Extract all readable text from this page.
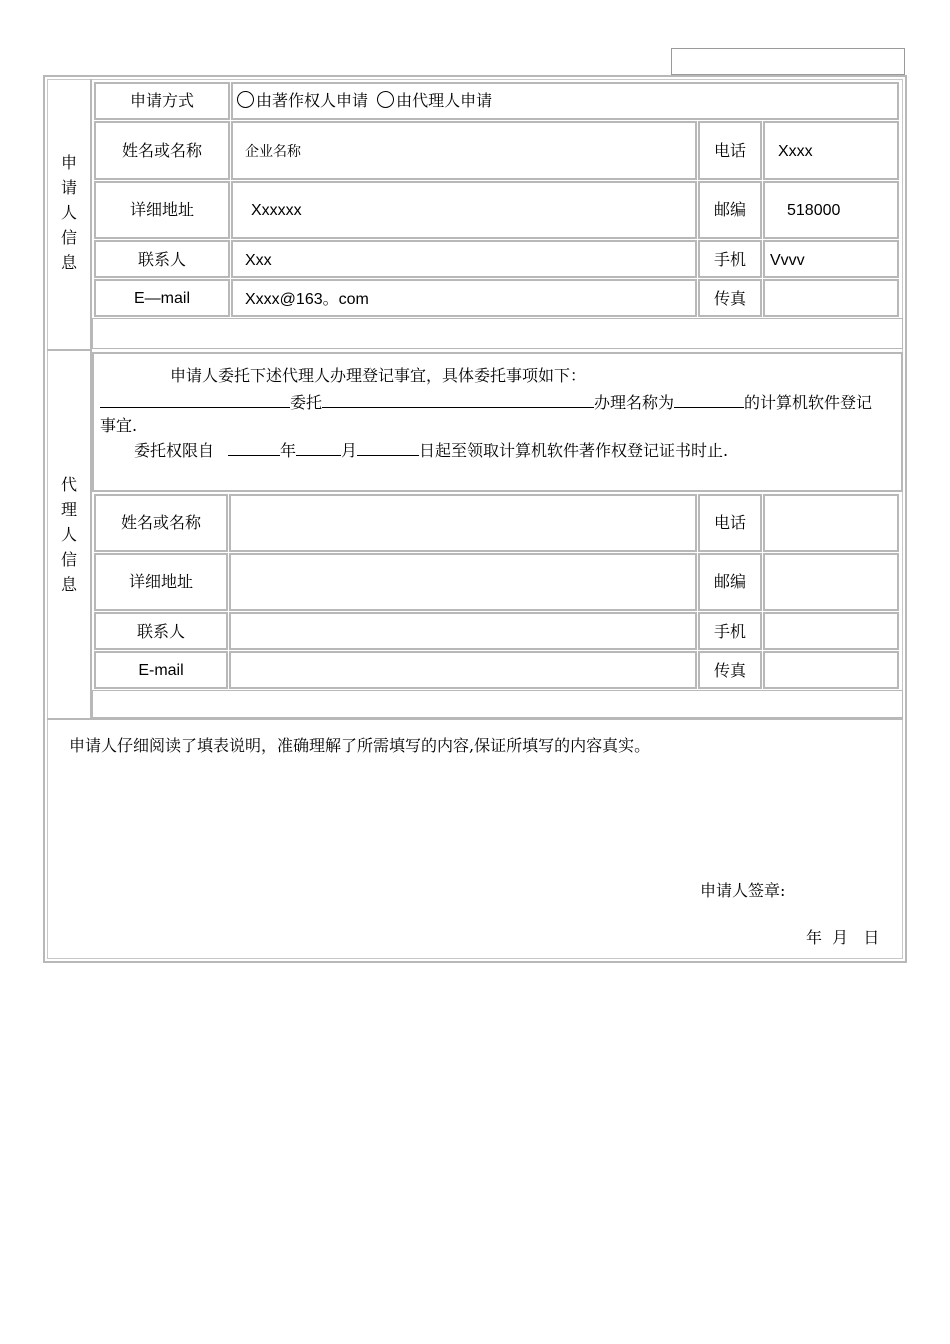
申请人信息
代理人信息
申请方式	由著作权人申请 由代理人申请
姓名或名称	企业名称	电话	Xxxx
详细地址	Xxxxxx	邮编	518000
联系人	Xxx	手机	Vvvv
E—mail	Xxxx@163。com	传真
申请人委托下述代理人办理登记事宜，具体委托事项如下：
委托	办理名称为	的计算机软件登记
事宜.
委托权限自	年	月	日起至领取计算机软件著作权登记证书时止.
姓名或名称	电话
详细地址	邮编
联系人	手机
E-mail	传真
申请人仔细阅读了填表说明，准确理解了所需填写的内容,保证所填写的内容真实。
申请人签章:
年  月   日
